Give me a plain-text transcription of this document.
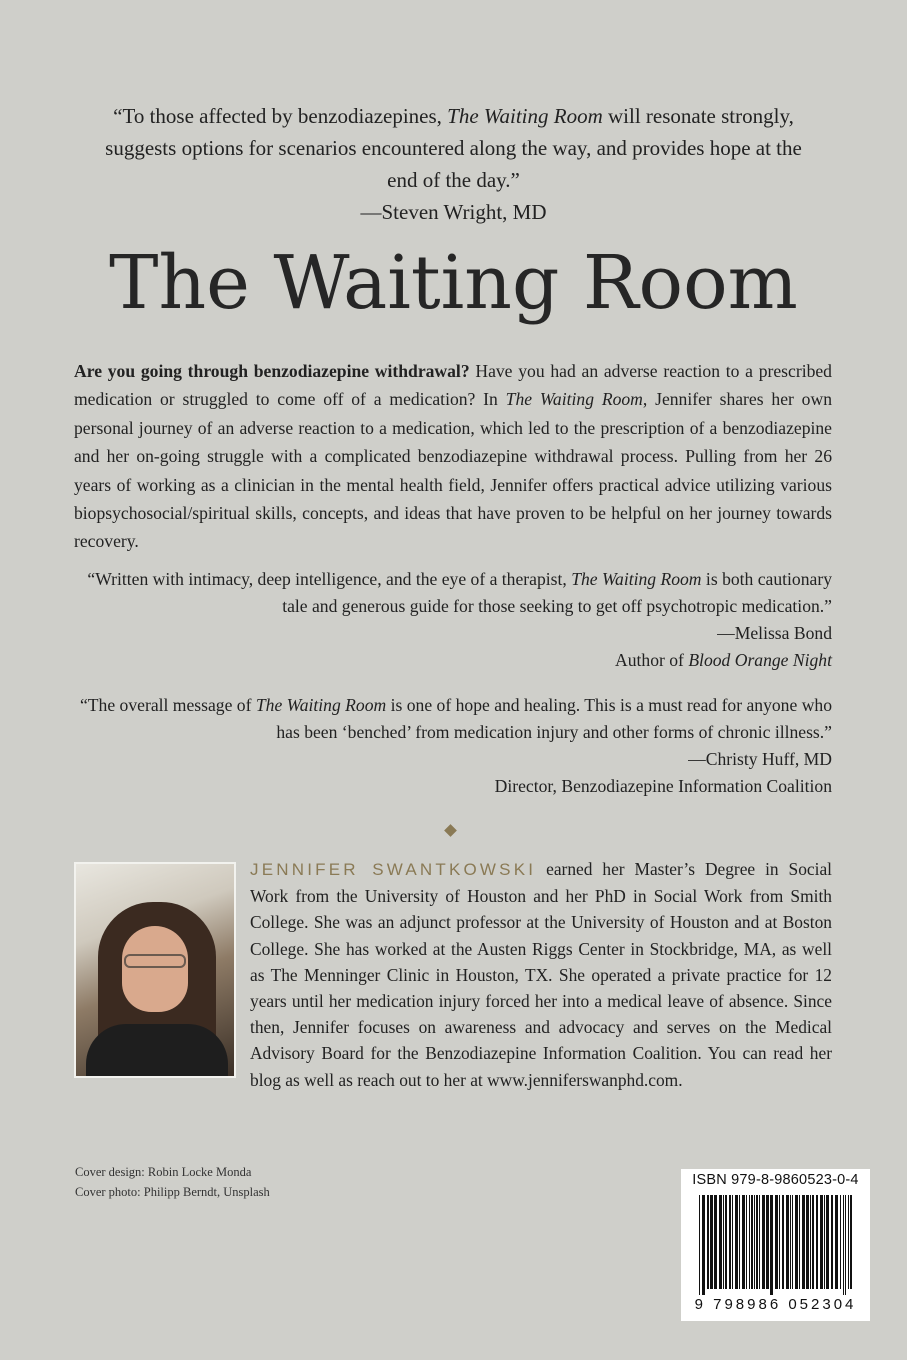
“To those affected by benzodiazepines, The Waiting Room will resonate strongly, suggests options for scenarios encountered along the way, and provides hope at the end of the day.”
—Steven Wright, MD
The Waiting Room
Are you going through benzodiazepine withdrawal? Have you had an adverse reaction to a prescribed medication or struggled to come off of a medication? In The Waiting Room, Jennifer shares her own personal journey of an adverse reaction to a medication, which led to the prescription of a benzodiazepine and her on-going struggle with a complicated benzodiazepine withdrawal process. Pulling from her 26 years of working as a clinician in the mental health field, Jennifer offers practical advice utilizing various biopsychosocial/spiritual skills, concepts, and ideas that have proven to be helpful on her journey towards recovery.
“Written with intimacy, deep intelligence, and the eye of a therapist, The Waiting Room is both cautionary tale and generous guide for those seeking to get off psychotropic medication.”
—Melissa Bond
Author of Blood Orange Night
“The overall message of The Waiting Room is one of hope and healing. This is a must read for anyone who has been ‘benched’ from medication injury and other forms of chronic illness.”
—Christy Huff, MD
Director, Benzodiazepine Information Coalition
JENNIFER SWANTKOWSKI
earned her Master’s Degree in Social Work from the University of Houston and her PhD in Social Work from Smith College. She was an adjunct professor at the University of Houston and at Boston College. She has worked at the Austen Riggs Center in Stockbridge, MA, as well as The Menninger Clinic in Houston, TX. She operated a private practice for 12 years until her medication injury forced her into a medical leave of absence. Since then, Jennifer focuses on awareness and advocacy and serves on the Medical Advisory Board for the Benzodiazepine Information Coalition. You can read her blog as well as reach out to her at www.jenniferswanphd.com.
Cover design: Robin Locke Monda
Cover photo: Philipp Berndt, Unsplash
ISBN 979-8-9860523-0-4
9 798986 052304
